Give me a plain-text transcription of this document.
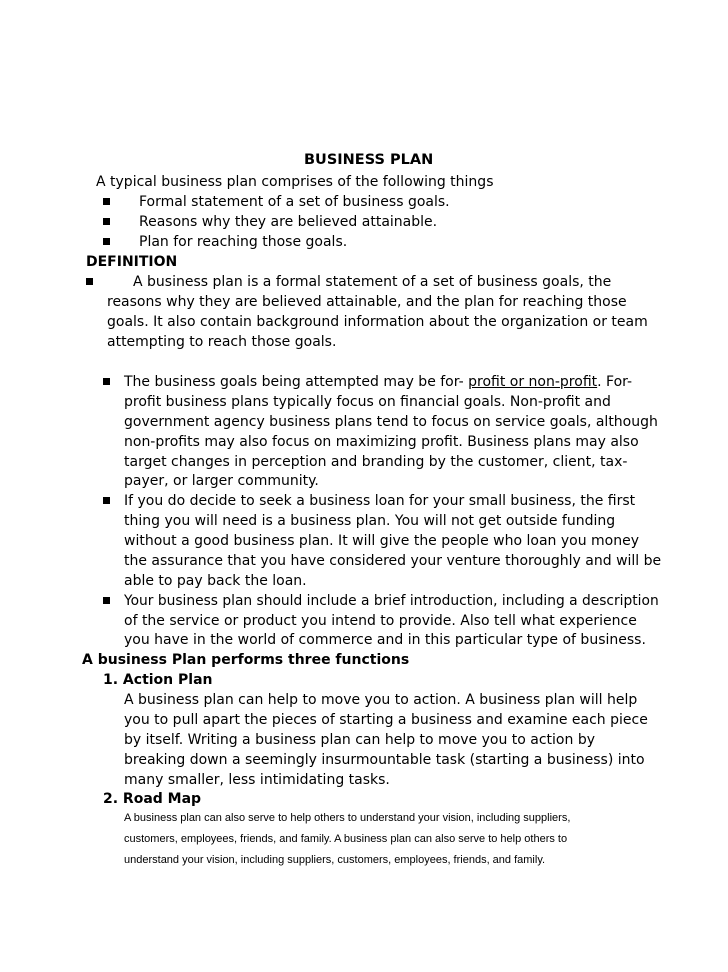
BUSINESS PLAN
A typical business plan comprises of the following things
Formal statement of a set of business goals.
Reasons why they are believed attainable.
Plan for reaching those goals.
DEFINITION
A business plan is a formal statement of a set of business goals, the
reasons why they are believed attainable, and the plan for reaching those
goals. It also contain background information about the organization or team
attempting to reach those goals.
The business goals being attempted may be for- profit or non-profit. For-
profit business plans typically focus on financial goals. Non-profit and
government agency business plans tend to focus on service goals, although
non-profits may also focus on maximizing profit. Business plans may also
target changes in perception and branding by the customer, client, tax-
payer, or larger community.
If you do decide to seek a business loan for your small business, the first
thing you will need is a business plan. You will not get outside funding
without a good business plan. It will give the people who loan you money
the assurance that you have considered your venture thoroughly and will be
able to pay back the loan.
Your business plan should include a brief introduction, including a description
of the service or product you intend to provide. Also tell what experience
you have in the world of commerce and in this particular type of business.
A business Plan performs three functions
1. Action Plan
A business plan can help to move you to action. A business plan will help
you to pull apart the pieces of starting a business and examine each piece
by itself. Writing a business plan can help to move you to action by
breaking down a seemingly insurmountable task (starting a business) into
many smaller, less intimidating tasks.
2. Road Map
A business plan can also serve to help others to understand your vision, including suppliers,
customers, employees, friends, and family. A business plan can also serve to help others to
understand your vision, including suppliers, customers, employees, friends, and family.
